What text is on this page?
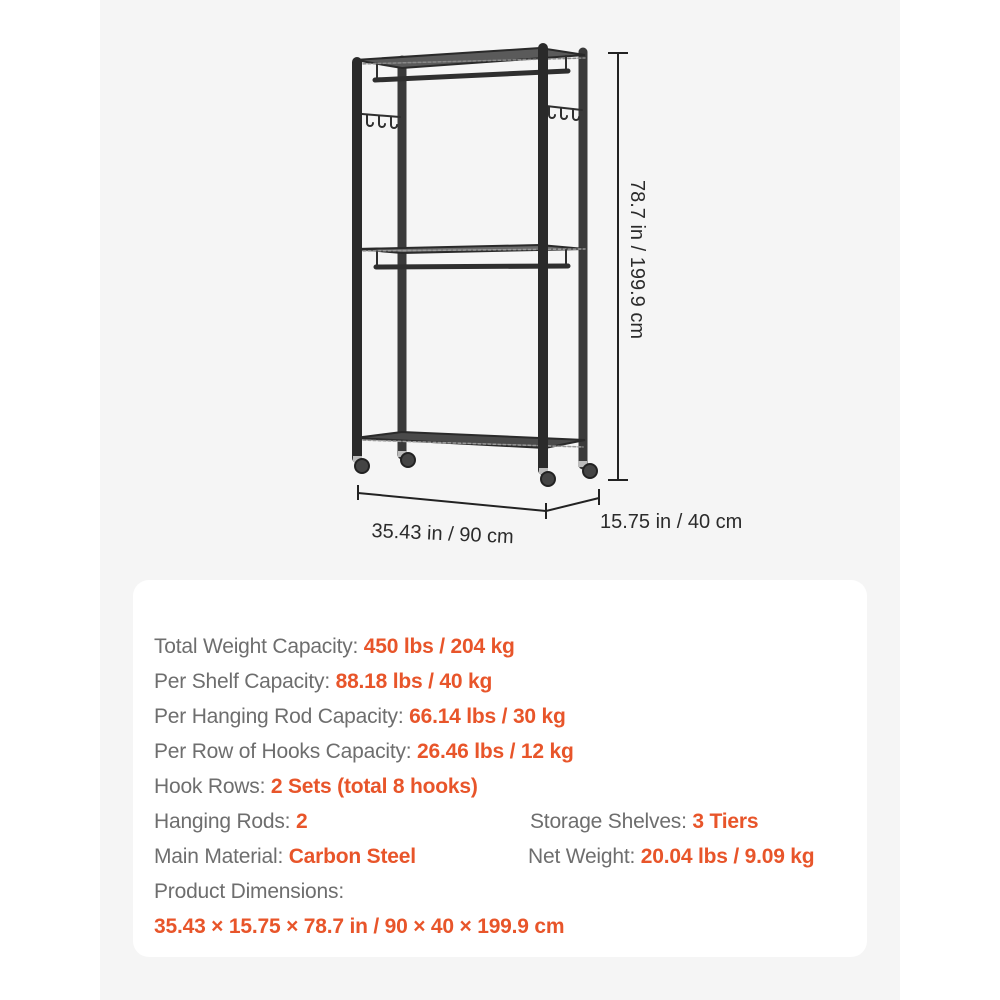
78.7 in / 199.9 cm
35.43 in / 90 cm	15.75 in / 40 cm
Total Weight Capacity: 450 lbs / 204 kg
Per Shelf Capacity: 88.18 lbs / 40 kg
Per Hanging Rod Capacity: 66.14 lbs / 30 kg
Per Row of Hooks Capacity: 26.46 lbs / 12 kg
Hook Rows: 2 Sets (total 8 hooks)
Hanging Rods: 2	Storage Shelves: 3 Tiers
Main Material: Carbon Steel	Net Weight: 20.04 lbs / 9.09 kg
Product Dimensions:
35.43 × 15.75 × 78.7 in / 90 × 40 × 199.9 cm
